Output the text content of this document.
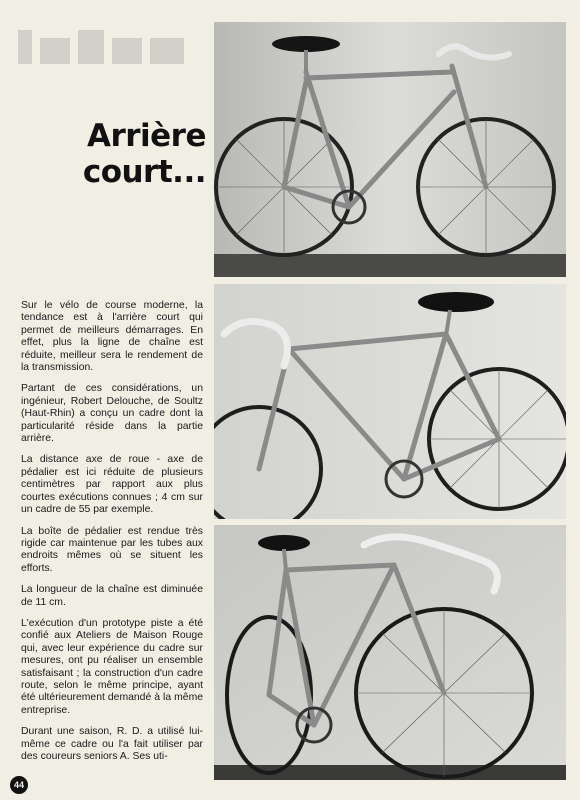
Arrière
court...

Sur le vélo de course moderne, la tendance est à l'arrière court qui permet de meilleurs démarrages. En effet, plus la ligne de chaîne est réduite, meilleur sera le rendement de la transmission.

Partant de ces considérations, un ingénieur, Robert Delouche, de Soultz (Haut-Rhin) a conçu un cadre dont la particularité réside dans la partie arrière.

La distance axe de roue - axe de pédalier est ici réduite de plusieurs centimètres par rapport aux plus courtes exécutions connues ; 4 cm sur un cadre de 55 par exemple.

La boîte de pédalier est rendue très rigide car maintenue par les tubes aux endroits mêmes où se situent les efforts.

La longueur de la chaîne est diminuée de 11 cm.

L'exécution d'un prototype piste a été confié aux Ateliers de Maison Rouge qui, avec leur expérience du cadre sur mesures, ont pu réaliser un ensemble satisfaisant ; la construction d'un cadre route, selon le même principe, ayant été ultérieurement demandé à la même entreprise.

Durant une saison, R. D. a utilisé lui-même ce cadre ou l'a fait utiliser par des coureurs seniors A. Ses uti-

44
